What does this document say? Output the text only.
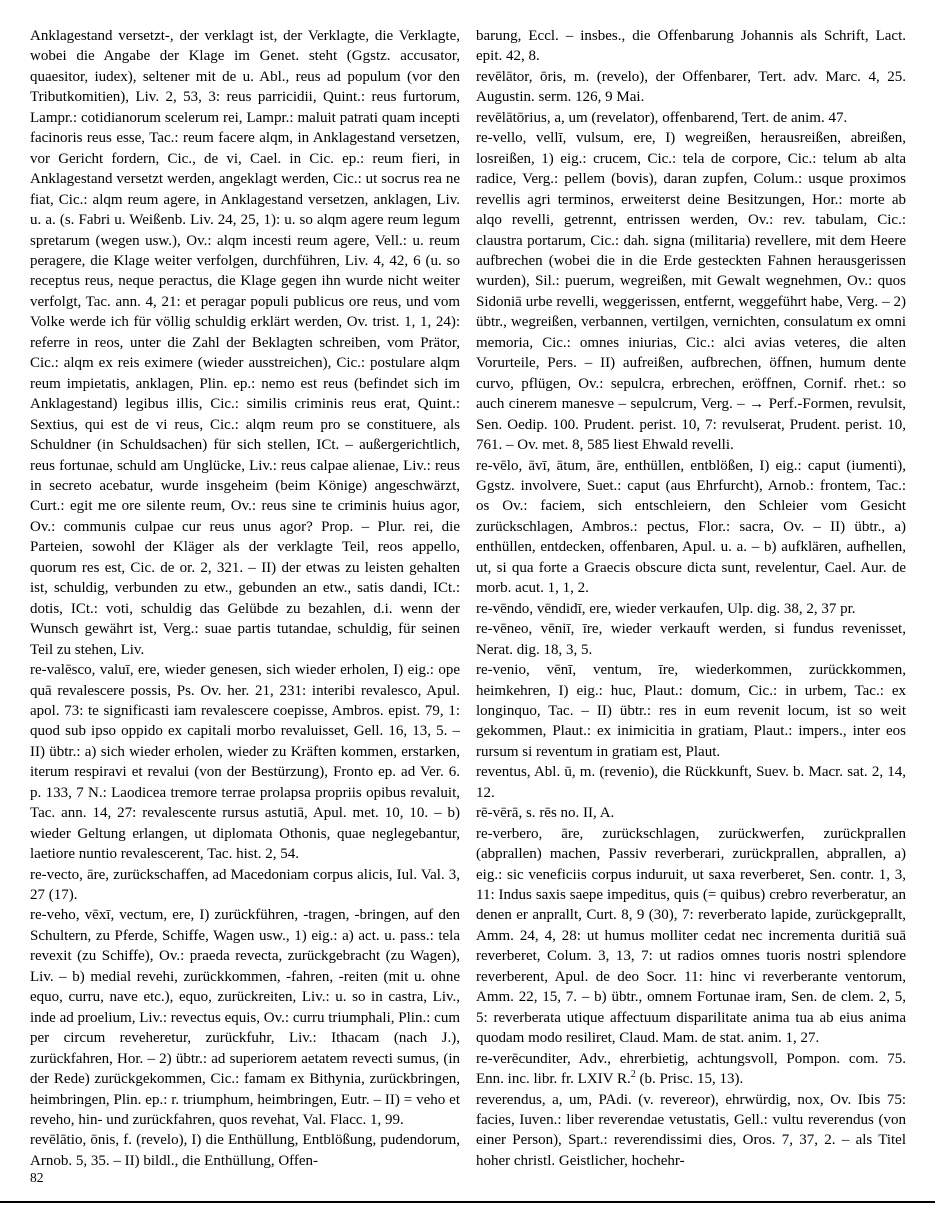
Anklagestand versetzt-, der verklagt ist, der Verklagte, die Verklagte, wobei die Angabe der Klage im Genet. steht (Ggstz. accusator, quaesitor, iudex), seltener mit de u. Abl., reus ad populum (vor den Tributkomitien), Liv. 2, 53, 3: reus parricidii, Quint.: reus furtorum, Lampr.: cotidianorum scelerum rei, Lampr.: maluit patrati quam incepti facinoris reus esse, Tac.: reum facere alqm, in Anklagestand versetzen, vor Gericht fordern, Cic., de vi, Cael. in Cic. ep.: reum fieri, in Anklagestand versetzt werden, angeklagt werden, Cic.: ut socrus rea ne fiat, Cic.: alqm reum agere, in Anklagestand versetzen, anklagen, Liv. u. a. (s. Fabri u. Weißenb. Liv. 24, 25, 1): u. so alqm agere reum legum spretarum (wegen usw.), Ov.: alqm incesti reum agere, Vell.: u. reum peragere, die Klage weiter verfolgen, durchführen, Liv. 4, 42, 6 (u. so receptus reus, neque peractus, die Klage gegen ihn wurde nicht weiter verfolgt, Tac. ann. 4, 21: et peragar populi publicus ore reus, und vom Volke werde ich für völlig schuldig erklärt werden, Ov. trist. 1, 1, 24): referre in reos, unter die Zahl der Beklagten schreiben, vom Prätor, Cic.: alqm ex reis eximere (wieder ausstreichen), Cic.: postulare alqm reum impietatis, anklagen, Plin. ep.: nemo est reus (befindet sich im Anklagestand) legibus illis, Cic.: similis criminis reus erat, Quint.: Sextius, qui est de vi reus, Cic.: alqm reum pro se constituere, als Schuldner (in Schuldsachen) für sich stellen, ICt. – außergerichtlich, reus fortunae, schuld am Unglücke, Liv.: reus calpae alienae, Liv.: reus in secreto acebatur, wurde insgeheim (beim Könige) angeschwärzt, Curt.: egit me ore silente reum, Ov.: reus sine te criminis huius agor, Ov.: communis culpae cur reus unus agor? Prop. – Plur. rei, die Parteien, sowohl der Kläger als der verklagte Teil, reos appello, quorum res est, Cic. de or. 2, 321. – II) der etwas zu leisten gehalten ist, schuldig, verbunden zu etw., gebunden an etw., satis dandi, ICt.: dotis, ICt.: voti, schuldig das Gelübde zu bezahlen, d.i. wenn der Wunsch gewährt ist, Verg.: suae partis tutandae, schuldig, für seinen Teil zu stehen, Liv.

re-valēsco, valuī, ere, wieder genesen, sich wieder erholen, I) eig.: ope quā revalescere possis, Ps. Ov. her. 21, 231: interibi revalesco, Apul. apol. 73: te significasti iam revalescere coepisse, Ambros. epist. 79, 1: quod sub ipso oppido ex capitali morbo revaluisset, Gell. 16, 13, 5. – II) übtr.: a) sich wieder erholen, wieder zu Kräften kommen, erstarken, iterum respiravi et revalui (von der Bestürzung), Fronto ep. ad Ver. 6. p. 133, 7 N.: Laodicea tremore terrae prolapsa propriis opibus revaluit, Tac. ann. 14, 27: revalescente rursus astutiā, Apul. met. 10, 10. – b) wieder Geltung erlangen, ut diplomata Othonis, quae neglegebantur, laetiore nuntio revalescerent, Tac. hist. 2, 54.

re-vecto, āre, zurückschaffen, ad Macedoniam corpus alicis, Iul. Val. 3, 27 (17).

re-veho, vēxī, vectum, ere, I) zurückführen, -tragen, -bringen, auf den Schultern, zu Pferde, Schiffe, Wagen usw., 1) eig.: a) act. u. pass.: tela revexit (zu Schiffe), Ov.: praeda revecta, zurückgebracht (zu Wagen), Liv. – b) medial revehi, zurückkommen, -fahren, -reiten (mit u. ohne equo, curru, nave etc.), equo, zurückreiten, Liv.: u. so in castra, Liv., inde ad proelium, Liv.: revectus equis, Ov.: curru triumphali, Plin.: cum per circum reveheretur, zurückfuhr, Liv.: Ithacam (nach J.), zurückfahren, Hor. – 2) übtr.: ad superiorem aetatem revecti sumus, (in der Rede) zurückgekommen, Cic.: famam ex Bithynia, zurückbringen, heimbringen, Plin. ep.: r. triumphum, heimbringen, Eutr. – II) = veho et reveho, hin- und zurückfahren, quos revehat, Val. Flacc. 1, 99.

revēlātio, ōnis, f. (revelo), I) die Enthüllung, Entblößung, pudendorum, Arnob. 5, 35. – II) bildl., die Enthüllung, Offen-

barung, Eccl. – insbes., die Offenbarung Johannis als Schrift, Lact. epit. 42, 8.

revēlātor, ōris, m. (revelo), der Offenbarer, Tert. adv. Marc. 4, 25. Augustin. serm. 126, 9 Mai.

revēlātōrius, a, um (revelator), offenbarend, Tert. de anim. 47.

re-vello, vellī, vulsum, ere, I) wegreißen, herausreißen, abreißen, losreißen, 1) eig.: crucem, Cic.: tela de corpore, Cic.: telum ab alta radice, Verg.: pellem (bovis), daran zupfen, Colum.: usque proximos revellis agri terminos, erweiterst deine Besitzungen, Hor.: morte ab alqo revelli, getrennt, entrissen werden, Ov.: rev. tabulam, Cic.: claustra portarum, Cic.: dah. signa (militaria) revellere, mit dem Heere aufbrechen (wobei die in die Erde gesteckten Fahnen herausgerissen wurden), Sil.: puerum, wegreißen, mit Gewalt wegnehmen, Ov.: quos Sidoniā urbe revelli, weggerissen, entfernt, weggeführt habe, Verg. – 2) übtr., wegreißen, verbannen, vertilgen, vernichten, consulatum ex omni memoria, Cic.: omnes iniurias, Cic.: alci avias veteres, die alten Vorurteile, Pers. – II) aufreißen, aufbrechen, öffnen, humum dente curvo, pflügen, Ov.: sepulcra, erbrechen, eröffnen, Cornif. rhet.: so auch cinerem manesve – sepulcrum, Verg. – → Perf.-Formen, revulsit, Sen. Oedip. 100. Prudent. perist. 10, 7: revulserat, Prudent. perist. 10, 761. – Ov. met. 8, 585 liest Ehwald revelli.

re-vēlo, āvī, ātum, āre, enthüllen, entblößen, I) eig.: caput (iumenti), Ggstz. involvere, Suet.: caput (aus Ehrfurcht), Arnob.: frontem, Tac.: os Ov.: faciem, sich entschleiern, den Schleier vom Gesicht zurückschlagen, Ambros.: pectus, Flor.: sacra, Ov. – II) übtr., a) enthüllen, entdecken, offenbaren, Apul. u. a. – b) aufklären, aufhellen, ut, si qua forte a Graecis obscure dicta sunt, revelentur, Cael. Aur. de morb. acut. 1, 1, 2.

re-vēndo, vēndidī, ere, wieder verkaufen, Ulp. dig. 38, 2, 37 pr.

re-vēneo, vēniī, īre, wieder verkauft werden, si fundus revenisset, Nerat. dig. 18, 3, 5.

re-venio, vēnī, ventum, īre, wiederkommen, zurückkommen, heimkehren, I) eig.: huc, Plaut.: domum, Cic.: in urbem, Tac.: ex longinquo, Tac. – II) übtr.: res in eum revenit locum, ist so weit gekommen, Plaut.: ex inimicitia in gratiam, Plaut.: impers., inter eos rursum si reventum in gratiam est, Plaut.

reventus, Abl. ū, m. (revenio), die Rückkunft, Suev. b. Macr. sat. 2, 14, 12.

rē-vērā, s. rēs no. II, A.

re-verbero, āre, zurückschlagen, zurückwerfen, zurückprallen (abprallen) machen, Passiv reverberari, zurückprallen, abprallen, a) eig.: sic veneficiis corpus induruit, ut saxa reverberet, Sen. contr. 1, 3, 11: Indus saxis saepe impeditus, quis (= quibus) crebro reverberatur, an denen er anprallt, Curt. 8, 9 (30), 7: reverberato lapide, zurückgeprallt, Amm. 24, 4, 28: ut humus molliter cedat nec incrementa duritiā suā reverberet, Colum. 3, 13, 7: ut radios omnes tuoris nostri splendore reverberent, Apul. de deo Socr. 11: hinc vi reverberante ventorum, Amm. 22, 15, 7. – b) übtr., omnem Fortunae iram, Sen. de clem. 2, 5, 5: reverberata utique affectuum disparilitate anima tua ab eius anima quodam modo resiliret, Claud. Mam. de stat. anim. 1, 27.

re-verēcunditer, Adv., ehrerbietig, achtungsvoll, Pompon. com. 75. Enn. inc. libr. fr. LXIV R.$^2$ (b. Prisc. 15, 13).

reverendus, a, um, PAdi. (v. revereor), ehrwürdig, nox, Ov. Ibis 75: facies, Iuven.: liber reverendae vetustatis, Gell.: vultu reverendus (von einer Person), Spart.: reverendissimi dies, Oros. 7, 37, 2. – als Titel hoher christl. Geistlicher, hochehr-

82
